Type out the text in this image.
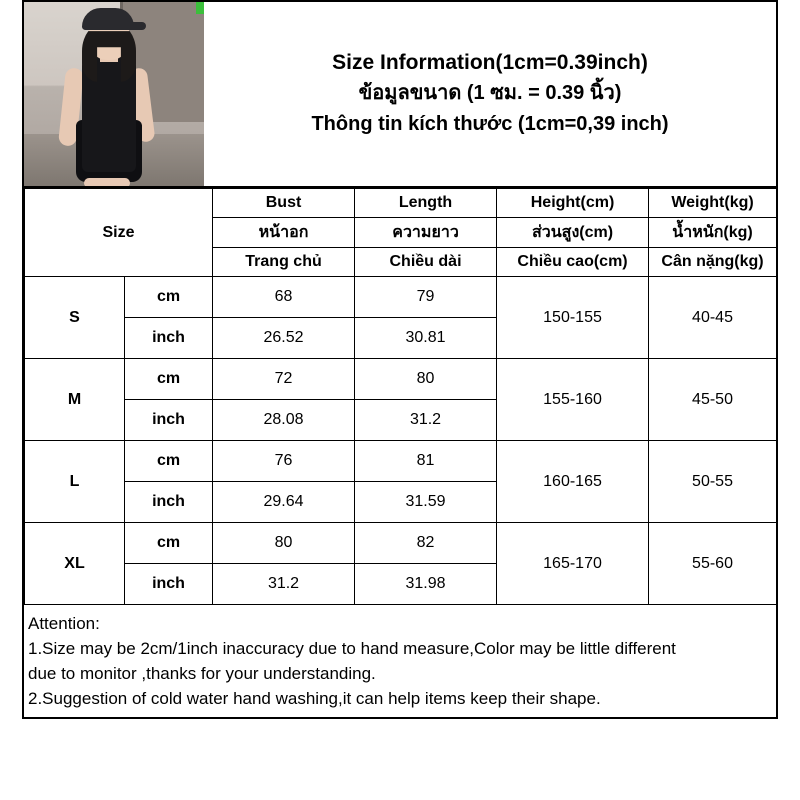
Size Information(1cm=0.39inch)
ข้อมูลขนาด (1 ซม. = 0.39 นิ้ว)
Thông tin kích thước (1cm=0,39 inch)
Size		Bust	Length	Height(cm)	Weight(kg)
		หน้าอก	ความยาว	ส่วนสูง(cm)	น้ำหนัก(kg)
		Trang chủ	Chiều dài	Chiều cao(cm)	Cân nặng(kg)
S	cm	68	79	150-155	40-45
	inch	26.52	30.81		
M	cm	72	80	155-160	45-50
	inch	28.08	31.2		
L	cm	76	81	160-165	50-55
	inch	29.64	31.59		
XL	cm	80	82	165-170	55-60
	inch	31.2	31.98		
Attention:
1.Size may be 2cm/1inch inaccuracy due to hand measure,Color may be little different
due to monitor ,thanks for your understanding.
2.Suggestion of cold water hand washing,it can help items keep their shape.
